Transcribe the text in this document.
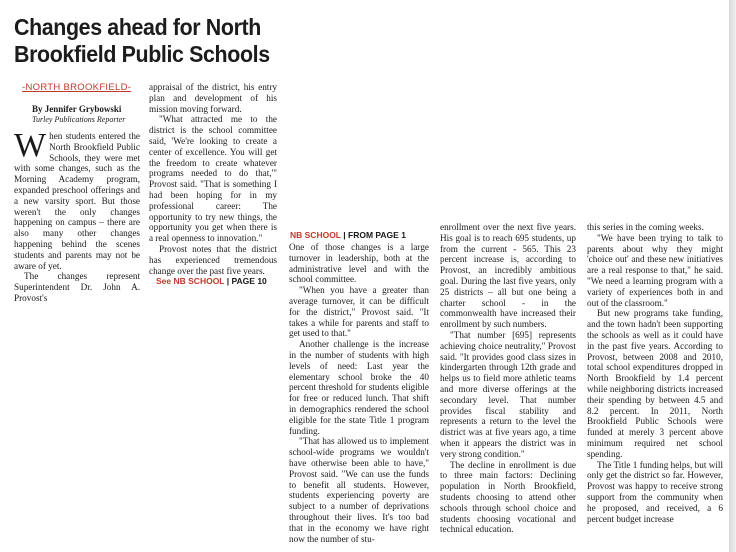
Changes ahead for North Brookfield Public Schools
-NORTH BROOKFIELD-
By Jennifer Grybowski
Turley Publications Reporter

When students entered the North Brookfield Public Schools, they were met with some changes, such as the Morning Academy program, expanded preschool offerings and a new varsity sport. But those weren't the only changes happening on campus – there are also many other changes happening behind the scenes students and parents may not be aware of yet.

The changes represent Superintendent Dr. John A. Provost's

appraisal of the district, his entry plan and development of his mission moving forward.

"What attracted me to the district is the school committee said, 'We're looking to create a center of excellence. You will get the freedom to create whatever programs needed to do that,'" Provost said. "That is something I had been hoping for in my professional career: The opportunity to try new things, the opportunity you get when there is a real openness to innovation."

Provost notes that the district has experienced tremendous change over the past five years.

See NB SCHOOL | PAGE 10
NB SCHOOL | FROM PAGE 1

One of those changes is a large turnover in leadership, both at the administrative level and with the school committee.

"When you have a greater than average turnover, it can be difficult for the district," Provost said. "It takes a while for parents and staff to get used to that."

Another challenge is the increase in the number of students with high levels of need: Last year the elementary school broke the 40 percent threshold for students eligible for free or reduced lunch. That shift in demographics rendered the school eligible for the state Title 1 program funding.

"That has allowed us to implement school-wide programs we wouldn't have otherwise been able to have," Provost said. "We can use the funds to benefit all students. However, students experiencing poverty are subject to a number of deprivations throughout their lives. It's too bad that in the economy we have right now the number of stu-

enrollment over the next five years. His goal is to reach 695 students, up from the current - 565. This 23 percent increase is, according to Provost, an incredibly ambitious goal. During the last five years, only 25 districts – all but one being a charter school - in the commonwealth have increased their enrollment by such numbers.

"That number [695] represents achieving choice neutrality," Provost said. "It provides good class sizes in kindergarten through 12th grade and helps us to field more athletic teams and more diverse offerings at the secondary level. That number provides fiscal stability and represents a return to the level the district was at five years ago, a time when it appears the district was in very strong condition."

The decline in enrollment is due to three main factors: Declining population in North Brookfield, students choosing to attend other schools through school choice and students choosing vocational and technical education.

this series in the coming weeks.

"We have been trying to talk to parents about why they might 'choice out' and these new initiatives are a real response to that," he said. "We need a learning program with a variety of experiences both in and out of the classroom."

But new programs take funding, and the town hadn't been supporting the schools as well as it could have in the past five years. According to Provost, between 2008 and 2010, total school expenditures dropped in North Brookfield by 1.4 percent while neighboring districts increased their spending by between 4.5 and 8.2 percent. In 2011, North Brookfield Public Schools were funded at merely 3 percent above minimum required net school spending.

The Title 1 funding helps, but will only get the district so far. However, Provost was happy to receive strong support from the community when he proposed, and received, a 6 percent budget increase
